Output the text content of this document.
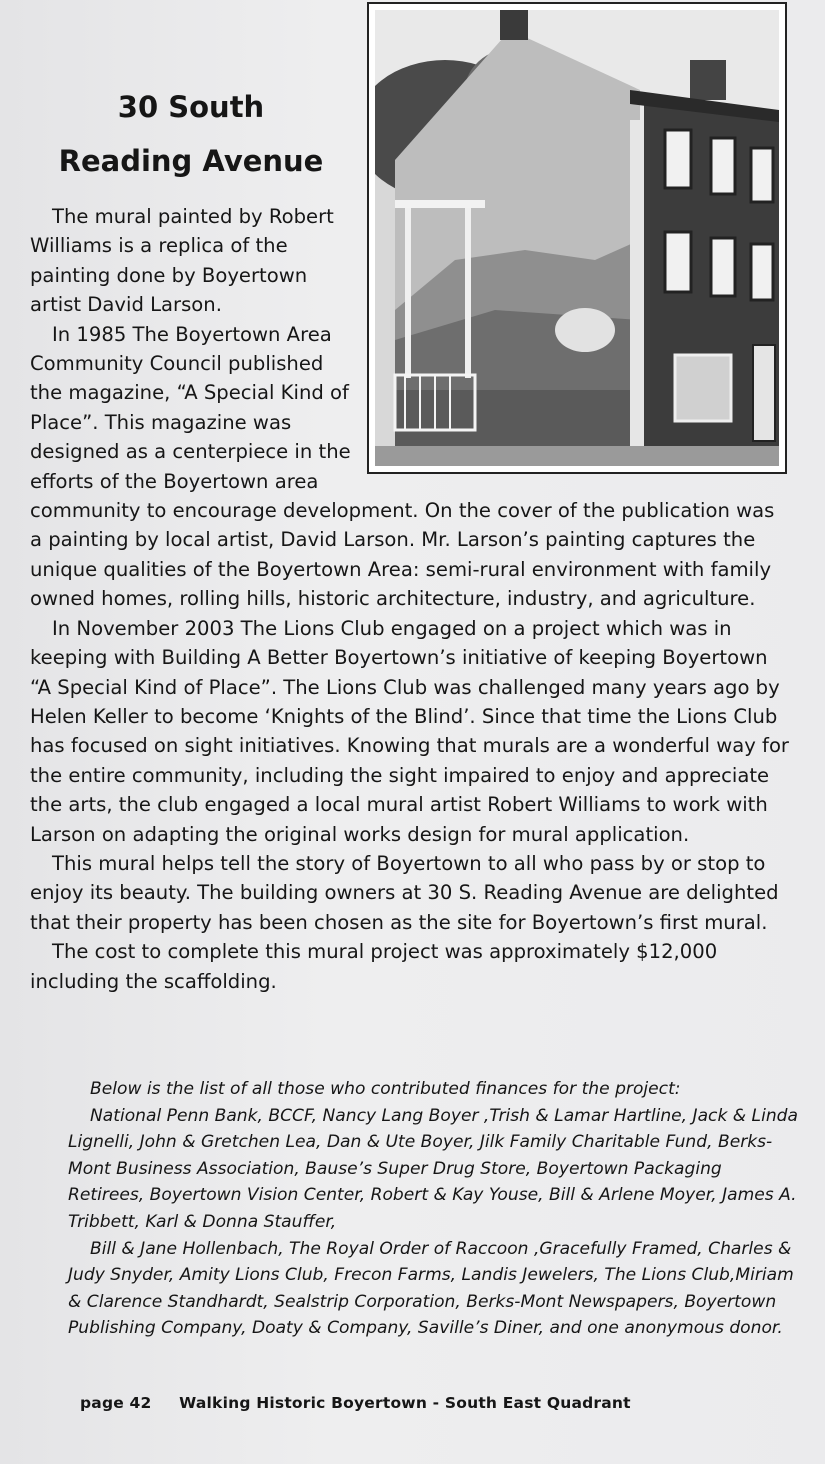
30 South
Reading Avenue

The mural painted by Robert Williams is a replica of the painting done by Boyertown artist David Larson.

In 1985 The Boyertown Area Community Council published the magazine, “A Special Kind of Place”. This magazine was designed as a centerpiece in the efforts of the Boyertown area community to encourage development. On the cover of the publication was a painting by local artist, David Larson. Mr. Larson’s painting captures the unique qualities of the Boyertown Area: semi-rural environment with family owned homes, rolling hills, historic architecture, industry, and agriculture.

In November 2003 The Lions Club engaged on a project which was in keeping with Building A Better Boyertown’s initiative of keeping Boyertown “A Special Kind of Place”. The Lions Club was challenged many years ago by Helen Keller to become ‘Knights of the Blind’. Since that time the Lions Club has focused on sight initiatives. Knowing that murals are a wonderful way for the entire community, including the sight impaired to enjoy and appreciate the arts, the club engaged a local mural artist Robert Williams to work with Larson on adapting the original works design for mural application.

This mural helps tell the story of Boyertown to all who pass by or stop to enjoy its beauty. The building owners at 30 S. Reading Avenue are delighted that their property has been chosen as the site for Boyertown’s first mural.

The cost to complete this mural project was approximately $12,000 including the scaffolding.

Below is the list of all those who contributed finances for the project:

National Penn Bank, BCCF, Nancy Lang Boyer ,Trish & Lamar Hartline, Jack & Linda Lignelli, John & Gretchen Lea, Dan & Ute Boyer, Jilk Family Charitable Fund, Berks-Mont Business Association, Bause’s Super Drug Store, Boyertown Packaging Retirees, Boyertown Vision Center, Robert & Kay Youse, Bill & Arlene Moyer, James A. Tribbett, Karl & Donna Stauffer,

Bill & Jane Hollenbach, The Royal Order of Raccoon ,Gracefully Framed, Charles & Judy Snyder, Amity Lions Club, Frecon Farms, Landis Jewelers, The Lions Club,Miriam & Clarence Standhardt, Sealstrip Corporation, Berks-Mont Newspapers, Boyertown Publishing Company, Doaty & Company, Saville’s Diner, and one anonymous donor.

page 42 Walking Historic Boyertown - South East Quadrant
